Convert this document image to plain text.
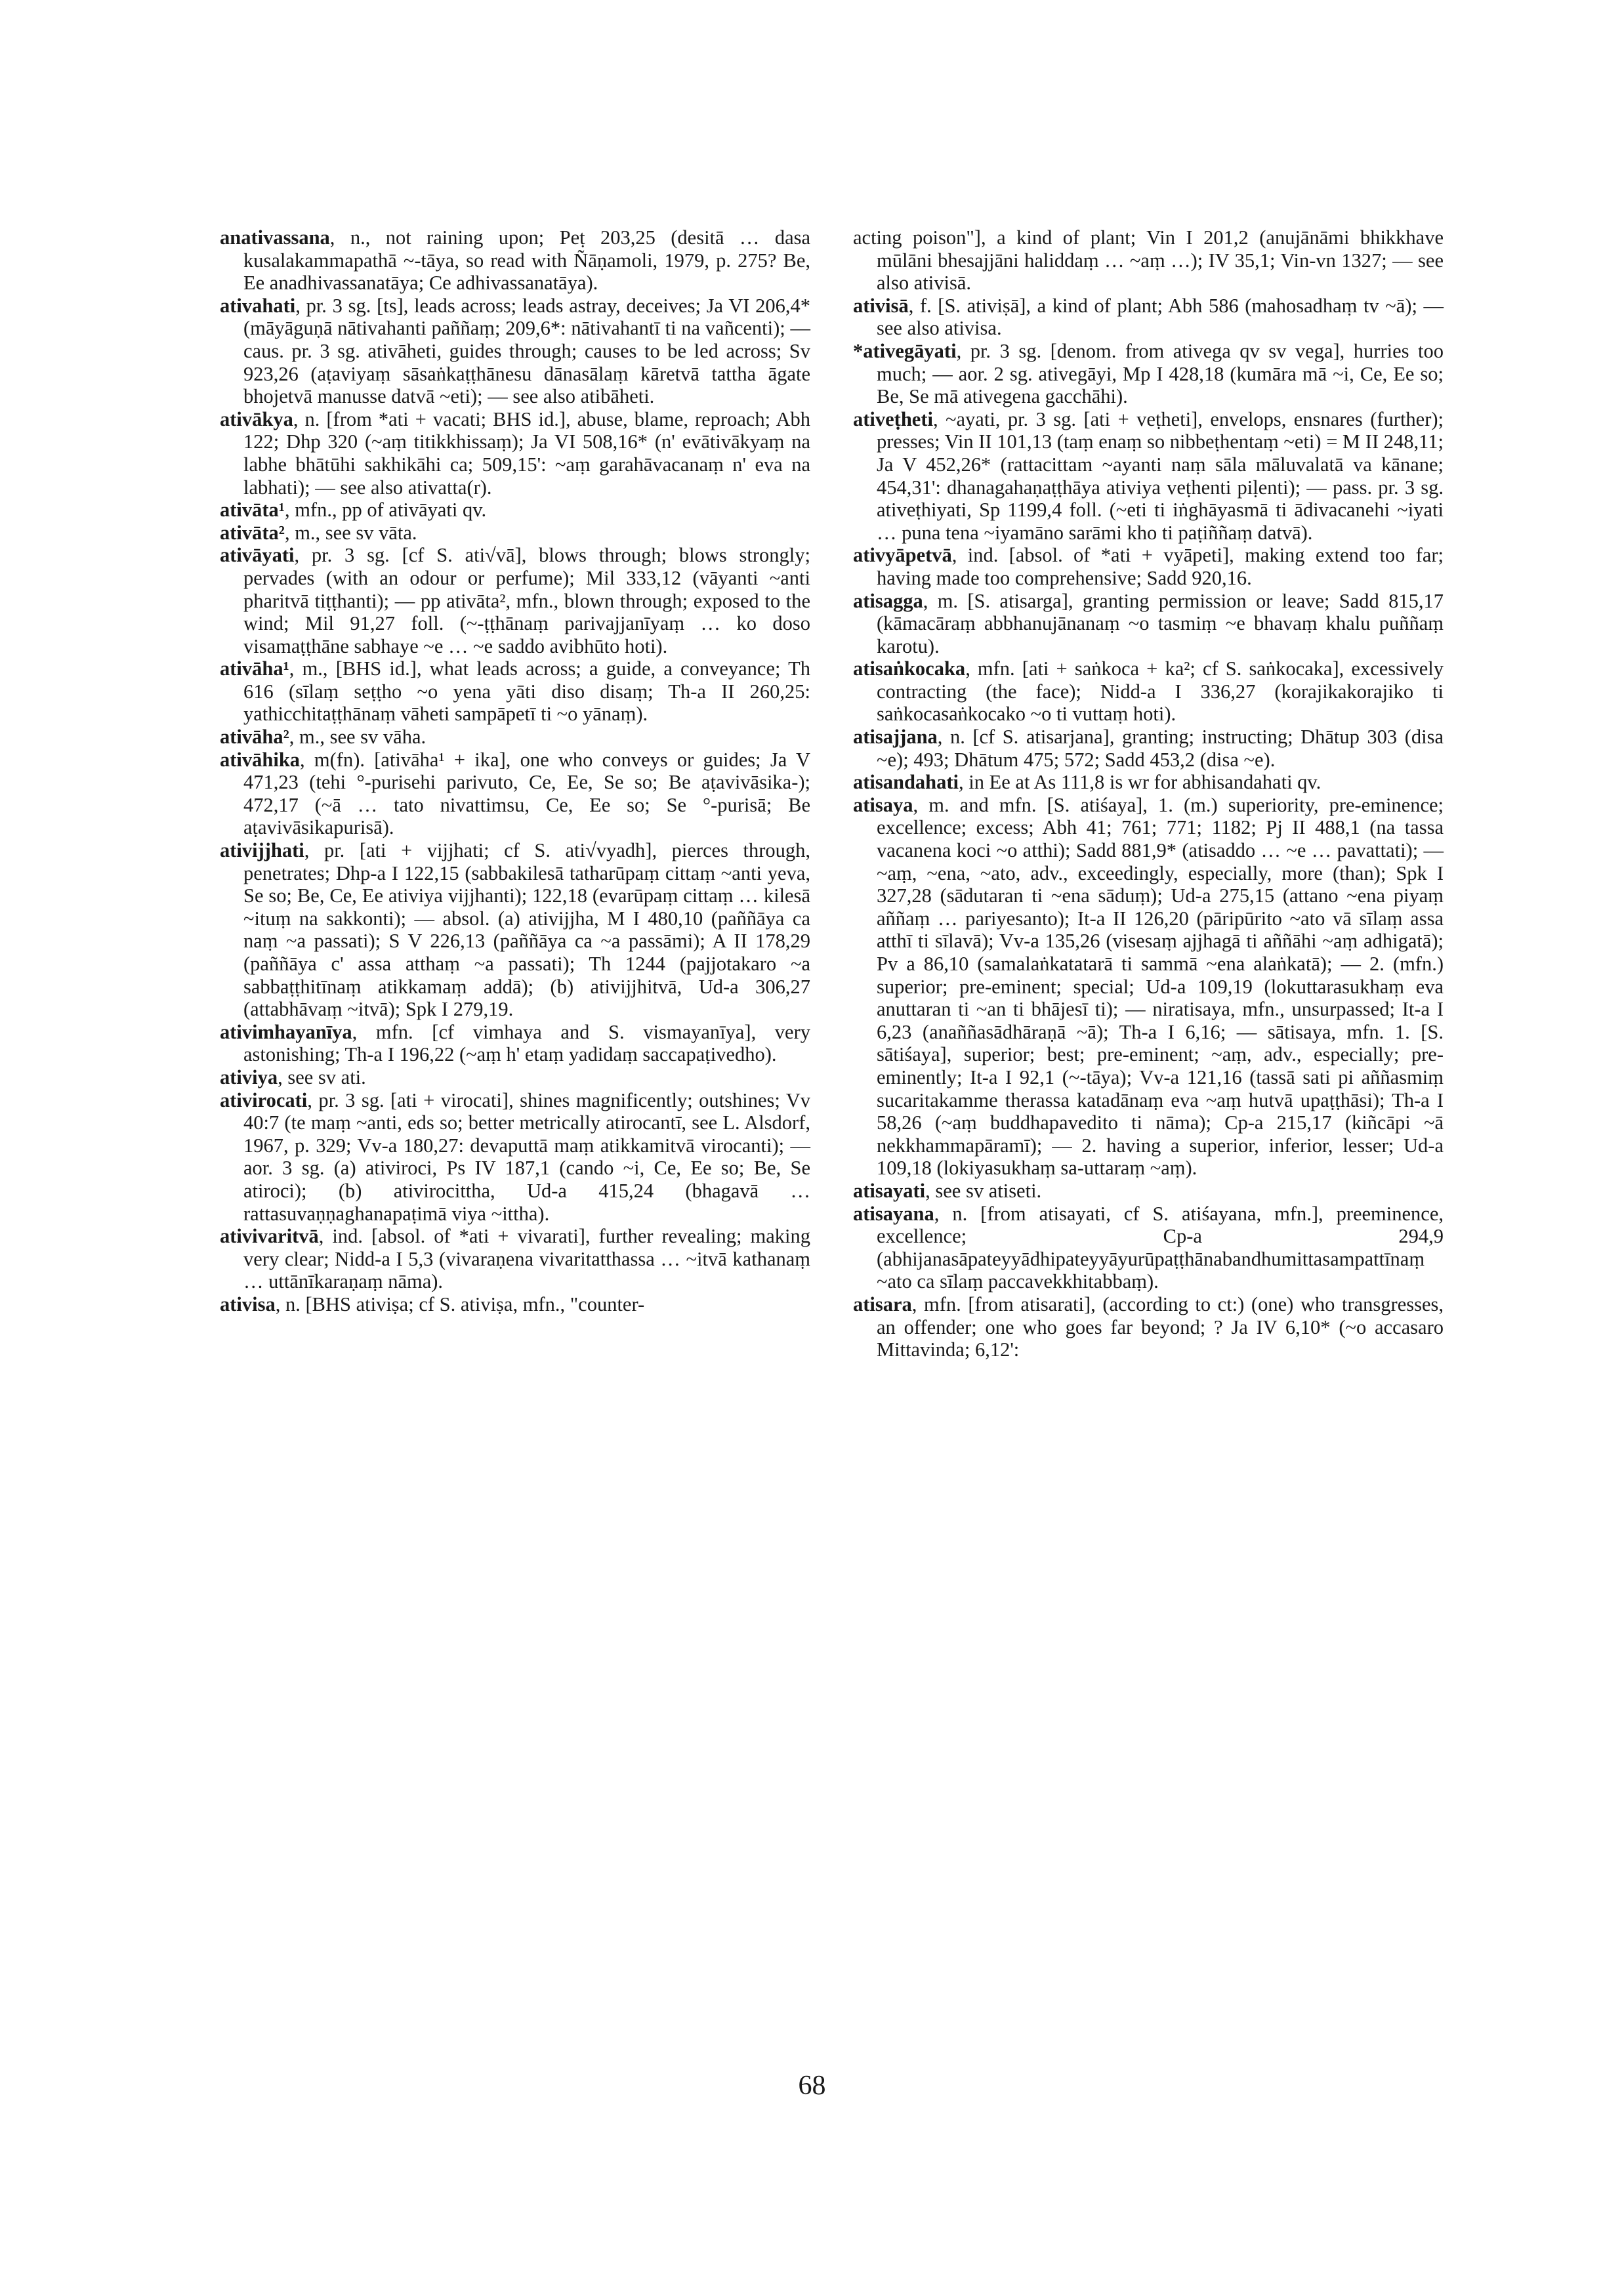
anativassana, n., not raining upon; Peṭ 203,25 (desitā … dasa kusalakammapathā ~-tāya, so read with Ñāṇamoli, 1979, p. 275? Be, Ee anadhivassanatāya; Ce adhivassanatāya).

ativahati, pr. 3 sg. [ts], leads across; leads astray, deceives; Ja VI 206,4* (māyāguṇā nātivahanti paññaṃ; 209,6*: nātivahantī ti na vañcenti); — caus. pr. 3 sg. ativāheti, guides through; causes to be led across; Sv 923,26 (aṭaviyaṃ sāsaṅkaṭṭhānesu dānasālaṃ kāretvā tattha āgate bhojetvā manusse datvā ~eti); — see also atibāheti.

ativākya, n. [from *ati + vacati; BHS id.], abuse, blame, reproach; Abh 122; Dhp 320 (~aṃ titikkhissaṃ); Ja VI 508,16* (n' evātivākyaṃ na labhe bhātūhi sakhikāhi ca; 509,15': ~aṃ garahāvacanaṃ n' eva na labhati); — see also ativatta(r).

ativāta¹, mfn., pp of ativāyati qv.

ativāta², m., see sv vāta.

ativāyati, pr. 3 sg. [cf S. ati√vā], blows through; blows strongly; pervades (with an odour or perfume); Mil 333,12 (vāyanti ~anti pharitvā tiṭṭhanti); — pp ativāta², mfn., blown through; exposed to the wind; Mil 91,27 foll. (~-ṭṭhānaṃ parivajjanīyaṃ … ko doso visamaṭṭhāne sabhaye ~e … ~e saddo avibhūto hoti).

ativāha¹, m., [BHS id.], what leads across; a guide, a conveyance; Th 616 (sīlaṃ seṭṭho ~o yena yāti diso disaṃ; Th-a II 260,25: yathicchitaṭṭhānaṃ vāheti sampāpetī ti ~o yānaṃ).

ativāha², m., see sv vāha.

ativāhika, m(fn). [ativāha¹ + ika], one who conveys or guides; Ja V 471,23 (tehi °-purisehi parivuto, Ce, Ee, Se so; Be aṭavivāsika-); 472,17 (~ā … tato nivattimsu, Ce, Ee so; Se °-purisā; Be aṭavivāsikapurisā).

ativijjhati, pr. [ati + vijjhati; cf S. ati√vyadh], pierces through, penetrates; Dhp-a I 122,15 (sabbakilesā tatharūpaṃ cittaṃ ~anti yeva, Se so; Be, Ce, Ee ativiya vijjhanti); 122,18 (evarūpaṃ cittaṃ … kilesā ~ituṃ na sakkonti); — absol. (a) ativijjha, M I 480,10 (paññāya ca naṃ ~a passati); S V 226,13 (paññāya ca ~a passāmi); A II 178,29 (paññāya c' assa atthaṃ ~a passati); Th 1244 (pajjotakaro ~a sabbaṭṭhitīnaṃ atikkamaṃ addā); (b) ativijjhitvā, Ud-a 306,27 (attabhāvaṃ ~itvā); Spk I 279,19.

ativimhayanīya, mfn. [cf vimhaya and S. vismayanīya], very astonishing; Th-a I 196,22 (~aṃ h' etaṃ yadidaṃ saccapaṭivedho).

ativiya, see sv ati.

ativirocati, pr. 3 sg. [ati + virocati], shines magnificently; outshines; Vv 40:7 (te maṃ ~anti, eds so; better metrically atirocantī, see L. Alsdorf, 1967, p. 329; Vv-a 180,27: devaputtā maṃ atikkamitvā virocanti); — aor. 3 sg. (a) ativiroci, Ps IV 187,1 (cando ~i, Ce, Ee so; Be, Se atiroci); (b) ativirocittha, Ud-a 415,24 (bhagavā … rattasuvaṇṇaghanapaṭimā viya ~ittha).

ativivaritvā, ind. [absol. of *ati + vivarati], further revealing; making very clear; Nidd-a I 5,3 (vivaraṇena vivaritatthassa … ~itvā kathanaṃ … uttānīkaraṇaṃ nāma).

ativisa, n. [BHS ativiṣa; cf S. ativiṣa, mfn., "counter-

acting poison"], a kind of plant; Vin I 201,2 (anujānāmi bhikkhave mūlāni bhesajjāni haliddaṃ … ~aṃ …); IV 35,1; Vin-vn 1327; — see also ativisā.

ativisā, f. [S. ativiṣā], a kind of plant; Abh 586 (mahosadhaṃ tv ~ā); — see also ativisa.

*ativegāyati, pr. 3 sg. [denom. from ativega qv sv vega], hurries too much; — aor. 2 sg. ativegāyi, Mp I 428,18 (kumāra mā ~i, Ce, Ee so; Be, Se mā ativegena gacchāhi).

ativeṭheti, ~ayati, pr. 3 sg. [ati + veṭheti], envelops, ensnares (further); presses; Vin II 101,13 (taṃ enaṃ so nibbeṭhentaṃ ~eti) = M II 248,11; Ja V 452,26* (rattacittam ~ayanti naṃ sāla māluvalatā va kānane; 454,31': dhanagahaṇaṭṭhāya ativiya veṭhenti piḷenti); — pass. pr. 3 sg. ativeṭhiyati, Sp 1199,4 foll. (~eti ti iṅghāyasmā ti ādivacanehi ~iyati … puna tena ~iyamāno sarāmi kho ti paṭiññaṃ datvā).

ativyāpetvā, ind. [absol. of *ati + vyāpeti], making extend too far; having made too comprehensive; Sadd 920,16.

atisagga, m. [S. atisarga], granting permission or leave; Sadd 815,17 (kāmacāraṃ abbhanujānanaṃ ~o tasmiṃ ~e bhavaṃ khalu puññaṃ karotu).

atisaṅkocaka, mfn. [ati + saṅkoca + ka²; cf S. saṅkocaka], excessively contracting (the face); Nidd-a I 336,27 (korajikakorajiko ti saṅkocasaṅkocako ~o ti vuttaṃ hoti).

atisajjana, n. [cf S. atisarjana], granting; instructing; Dhātup 303 (disa ~e); 493; Dhātum 475; 572; Sadd 453,2 (disa ~e).

atisandahati, in Ee at As 111,8 is wr for abhisandahati qv.

atisaya, m. and mfn. [S. atiśaya], 1. (m.) superiority, pre-eminence; excellence; excess; Abh 41; 761; 771; 1182; Pj II 488,1 (na tassa vacanena koci ~o atthi); Sadd 881,9* (atisaddo … ~e … pavattati); — ~aṃ, ~ena, ~ato, adv., exceedingly, especially, more (than); Spk I 327,28 (sādutaran ti ~ena sāduṃ); Ud-a 275,15 (attano ~ena piyaṃ aññaṃ … pariyesanto); It-a II 126,20 (pāripūrito ~ato vā sīlaṃ assa atthī ti sīlavā); Vv-a 135,26 (visesaṃ ajjhagā ti aññāhi ~aṃ adhigatā); Pv a 86,10 (samalaṅkatatarā ti sammā ~ena alaṅkatā); — 2. (mfn.) superior; pre-eminent; special; Ud-a 109,19 (lokuttarasukhaṃ eva anuttaran ti ~an ti bhājesī ti); — niratisaya, mfn., unsurpassed; It-a I 6,23 (anaññasādhāraṇā ~ā); Th-a I 6,16; — sātisaya, mfn. 1. [S. sātiśaya], superior; best; pre-eminent; ~aṃ, adv., especially; pre-eminently; It-a I 92,1 (~-tāya); Vv-a 121,16 (tassā sati pi aññasmiṃ sucaritakamme therassa katadānaṃ eva ~aṃ hutvā upaṭṭhāsi); Th-a I 58,26 (~aṃ buddhapavedito ti nāma); Cp-a 215,17 (kiñcāpi ~ā nekkhammapāramī); — 2. having a superior, inferior, lesser; Ud-a 109,18 (lokiyasukhaṃ sa-uttaraṃ ~aṃ).

atisayati, see sv atiseti.

atisayana, n. [from atisayati, cf S. atiśayana, mfn.], preeminence, excellence; Cp-a 294,9 (abhijanasāpateyyādhipateyyāyurūpaṭṭhānabandhumittasampattīnaṃ ~ato ca sīlaṃ paccavekkhitabbaṃ).

atisara, mfn. [from atisarati], (according to ct:) (one) who transgresses, an offender; one who goes far beyond; ? Ja IV 6,10* (~o accasaro Mittavinda; 6,12':

68
